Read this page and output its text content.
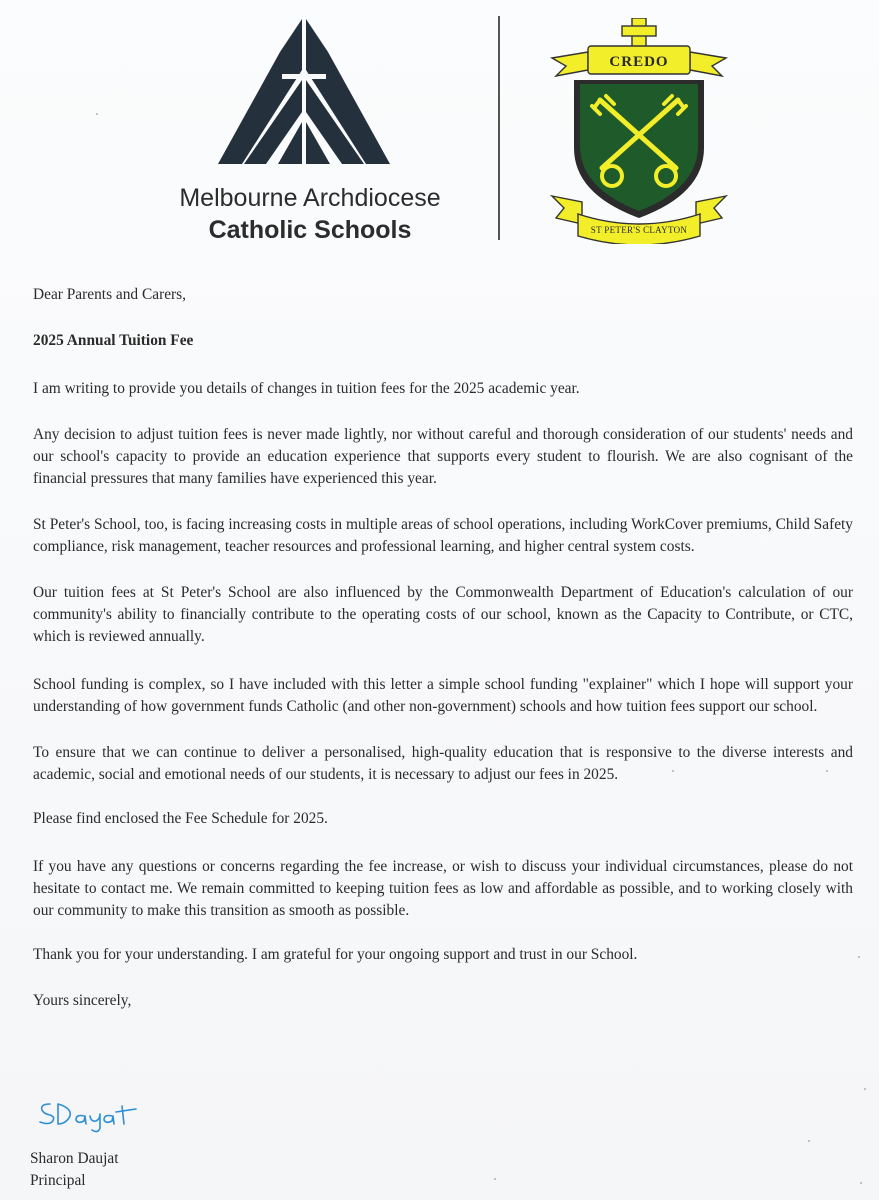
Melbourne Archdiocese
Catholic Schools
CREDO
ST PETER'S CLAYTON

Dear Parents and Carers,

2025 Annual Tuition Fee

I am writing to provide you details of changes in tuition fees for the 2025 academic year.

Any decision to adjust tuition fees is never made lightly, nor without careful and thorough consideration of our students' needs and our school's capacity to provide an education experience that supports every student to flourish. We are also cognisant of the financial pressures that many families have experienced this year.

St Peter's School, too, is facing increasing costs in multiple areas of school operations, including WorkCover premiums, Child Safety compliance, risk management, teacher resources and professional learning, and higher central system costs.

Our tuition fees at St Peter's School are also influenced by the Commonwealth Department of Education's calculation of our community's ability to financially contribute to the operating costs of our school, known as the Capacity to Contribute, or CTC, which is reviewed annually.

School funding is complex, so I have included with this letter a simple school funding "explainer" which I hope will support your understanding of how government funds Catholic (and other non-government) schools and how tuition fees support our school.

To ensure that we can continue to deliver a personalised, high-quality education that is responsive to the diverse interests and academic, social and emotional needs of our students, it is necessary to adjust our fees in 2025.

Please find enclosed the Fee Schedule for 2025.

If you have any questions or concerns regarding the fee increase, or wish to discuss your individual circumstances, please do not hesitate to contact me. We remain committed to keeping tuition fees as low and affordable as possible, and to working closely with our community to make this transition as smooth as possible.

Thank you for your understanding. I am grateful for your ongoing support and trust in our School.

Yours sincerely,

Sharon Daujat
Principal
